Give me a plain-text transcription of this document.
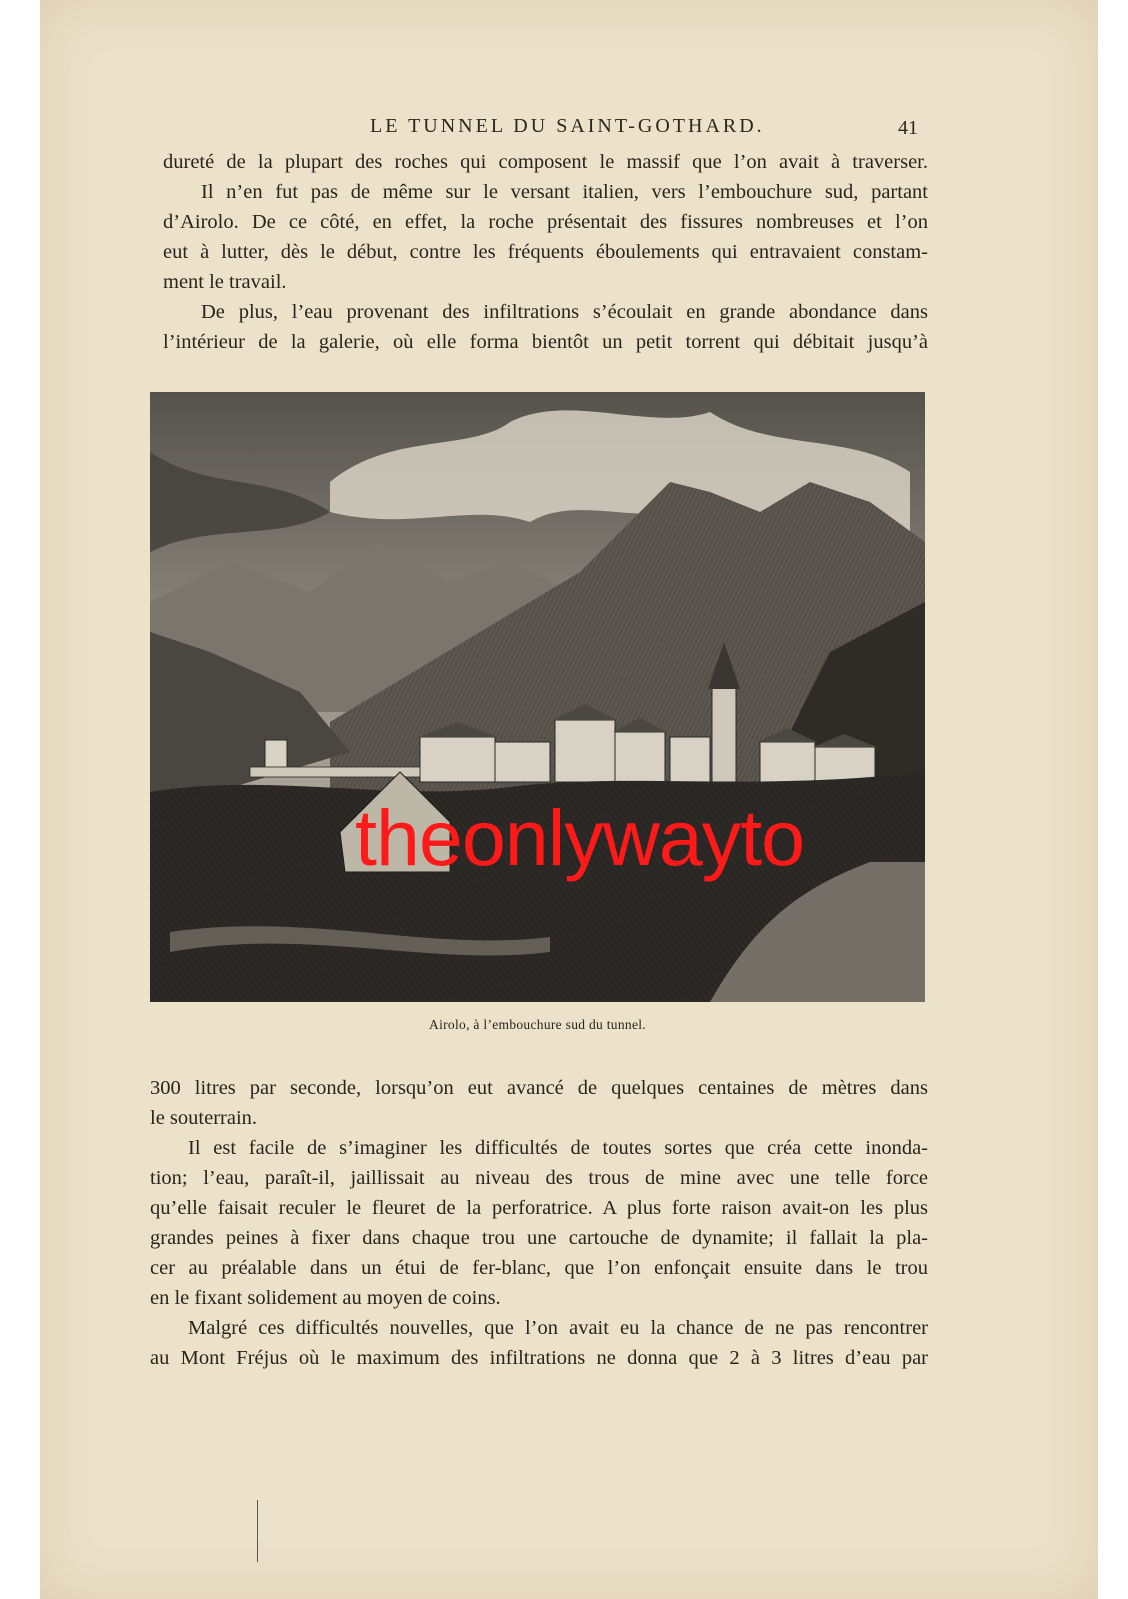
LE TUNNEL DU SAINT-GOTHARD.	41
dureté de la plupart des roches qui composent le massif que l’on avait à traverser.
Il n’en fut pas de même sur le versant italien, vers l’embouchure sud, partant
d’Airolo. De ce côté, en effet, la roche présentait des fissures nombreuses et l’on
eut à lutter, dès le début, contre les fréquents éboulements qui entravaient constam-
ment le travail.
De plus, l’eau provenant des infiltrations s’écoulait en grande abondance dans
l’intérieur de la galerie, où elle forma bientôt un petit torrent qui débitait jusqu’à
theonlywayto
Airolo, à l’embouchure sud du tunnel.
300 litres par seconde, lorsqu’on eut avancé de quelques centaines de mètres dans
le souterrain.
Il est facile de s’imaginer les difficultés de toutes sortes que créa cette inonda-
tion; l’eau, paraît-il, jaillissait au niveau des trous de mine avec une telle force
qu’elle faisait reculer le fleuret de la perforatrice. A plus forte raison avait-on les plus
grandes peines à fixer dans chaque trou une cartouche de dynamite; il fallait la pla-
cer au préalable dans un étui de fer-blanc, que l’on enfonçait ensuite dans le trou
en le fixant solidement au moyen de coins.
Malgré ces difficultés nouvelles, que l’on avait eu la chance de ne pas rencontrer
au Mont Fréjus où le maximum des infiltrations ne donna que 2 à 3 litres d’eau par
